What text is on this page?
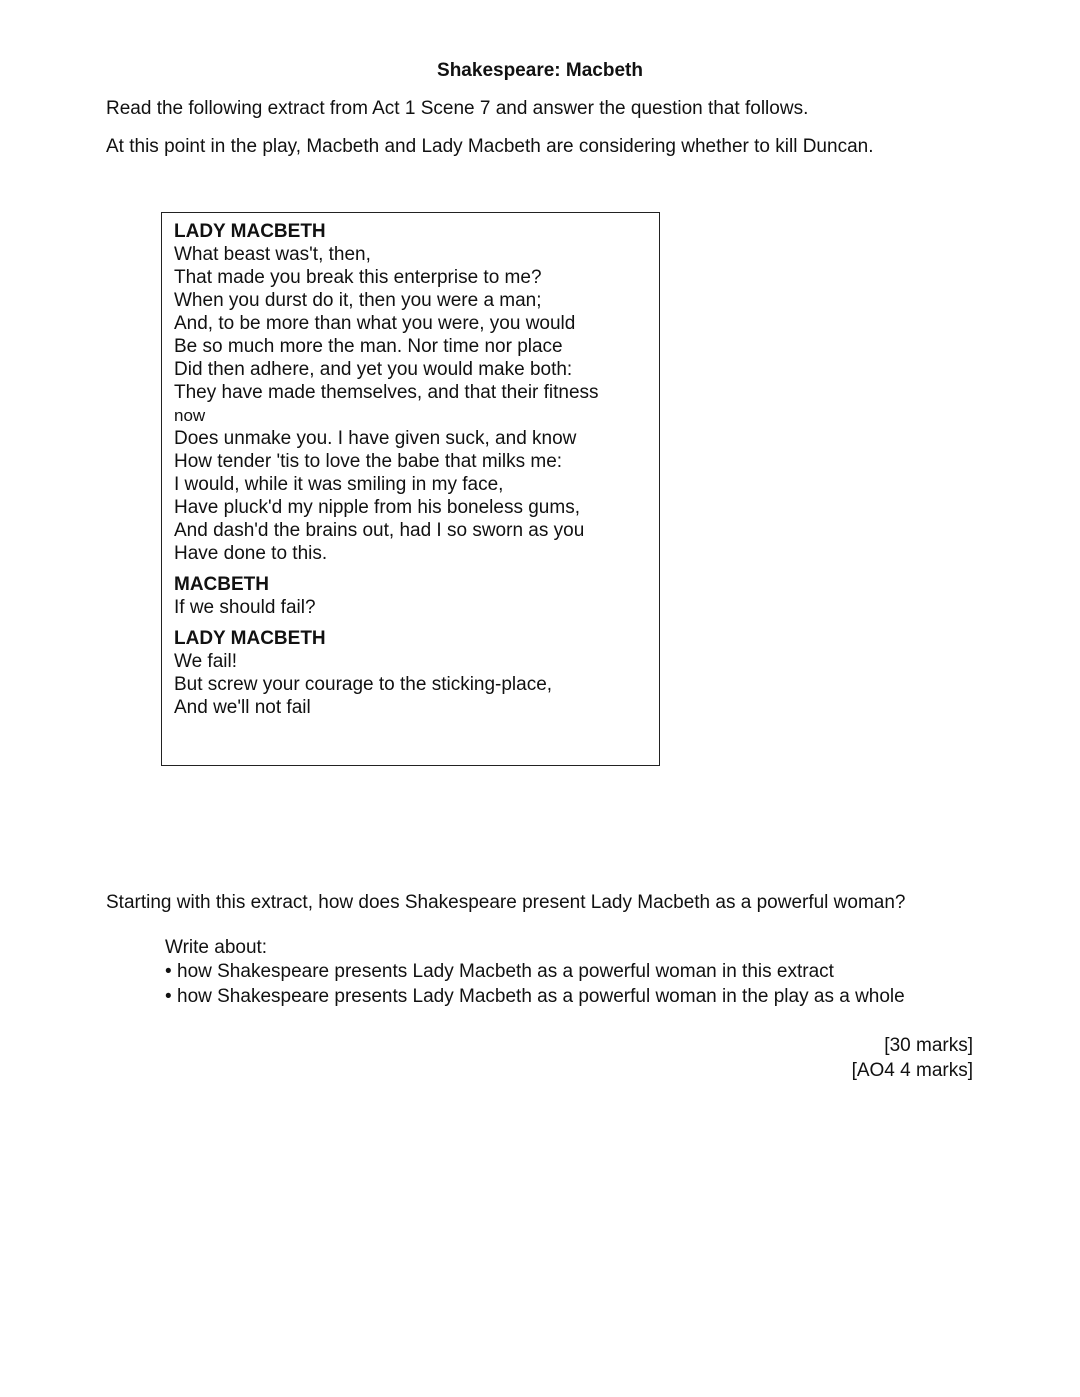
Shakespeare: Macbeth

Read the following extract from Act 1 Scene 7 and answer the question that follows.

At this point in the play, Macbeth and Lady Macbeth are considering whether to kill Duncan.

LADY MACBETH
What beast was't, then,
That made you break this enterprise to me?
When you durst do it, then you were a man;
And, to be more than what you were, you would
Be so much more the man. Nor time nor place
Did then adhere, and yet you would make both:
They have made themselves, and that their fitness
now
Does unmake you. I have given suck, and know
How tender 'tis to love the babe that milks me:
I would, while it was smiling in my face,
Have pluck'd my nipple from his boneless gums,
And dash'd the brains out, had I so sworn as you
Have done to this.
MACBETH
If we should fail?
LADY MACBETH
We fail!
But screw your courage to the sticking-place,
And we'll not fail
Starting with this extract, how does Shakespeare present Lady Macbeth as a powerful woman?
Write about:
• how Shakespeare presents Lady Macbeth as a powerful woman in this extract
• how Shakespeare presents Lady Macbeth as a powerful woman in the play as a whole
[30 marks]
[AO4 4 marks]
